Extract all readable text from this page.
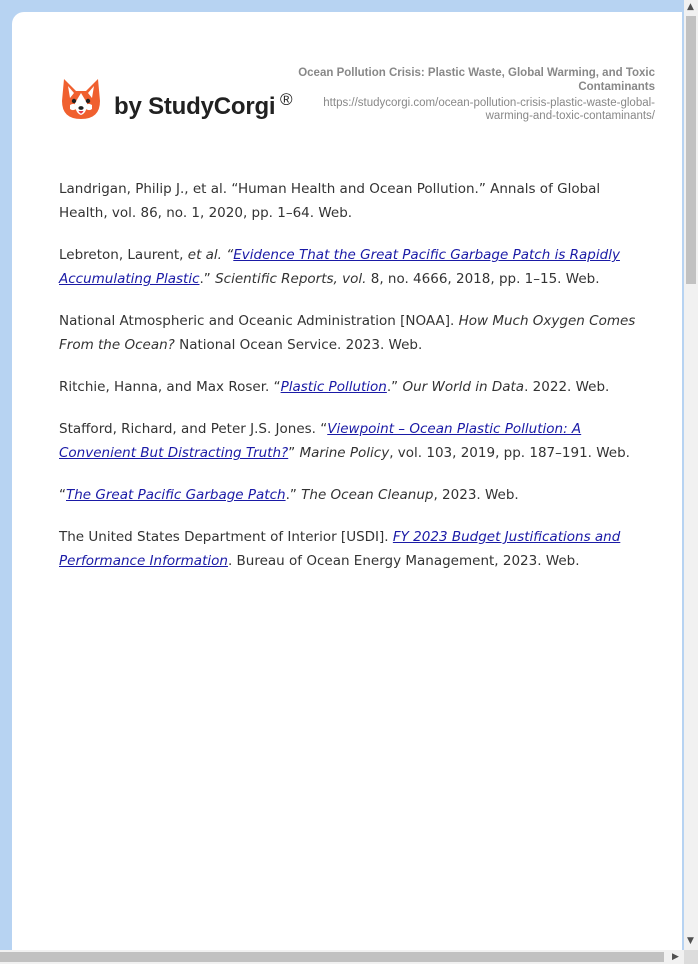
by StudyCorgi ®
Ocean Pollution Crisis: Plastic Waste, Global Warming, and Toxic Contaminants
https://studycorgi.com/ocean-pollution-crisis-plastic-waste-global-warming-and-toxic-contaminants/

Landrigan, Philip J., et al. “Human Health and Ocean Pollution.” Annals of Global Health, vol. 86, no. 1, 2020, pp. 1–64. Web.

Lebreton, Laurent, et al. “Evidence That the Great Pacific Garbage Patch is Rapidly Accumulating Plastic.” Scientific Reports, vol. 8, no. 4666, 2018, pp. 1–15. Web.

National Atmospheric and Oceanic Administration [NOAA]. How Much Oxygen Comes From the Ocean? National Ocean Service. 2023. Web.

Ritchie, Hanna, and Max Roser. “Plastic Pollution.” Our World in Data. 2022. Web.

Stafford, Richard, and Peter J.S. Jones. “Viewpoint – Ocean Plastic Pollution: A Convenient But Distracting Truth?” Marine Policy, vol. 103, 2019, pp. 187–191. Web.

“The Great Pacific Garbage Patch.” The Ocean Cleanup, 2023. Web.

The United States Department of Interior [USDI]. FY 2023 Budget Justifications and Performance Information. Bureau of Ocean Energy Management, 2023. Web.

▲
▼
▶
